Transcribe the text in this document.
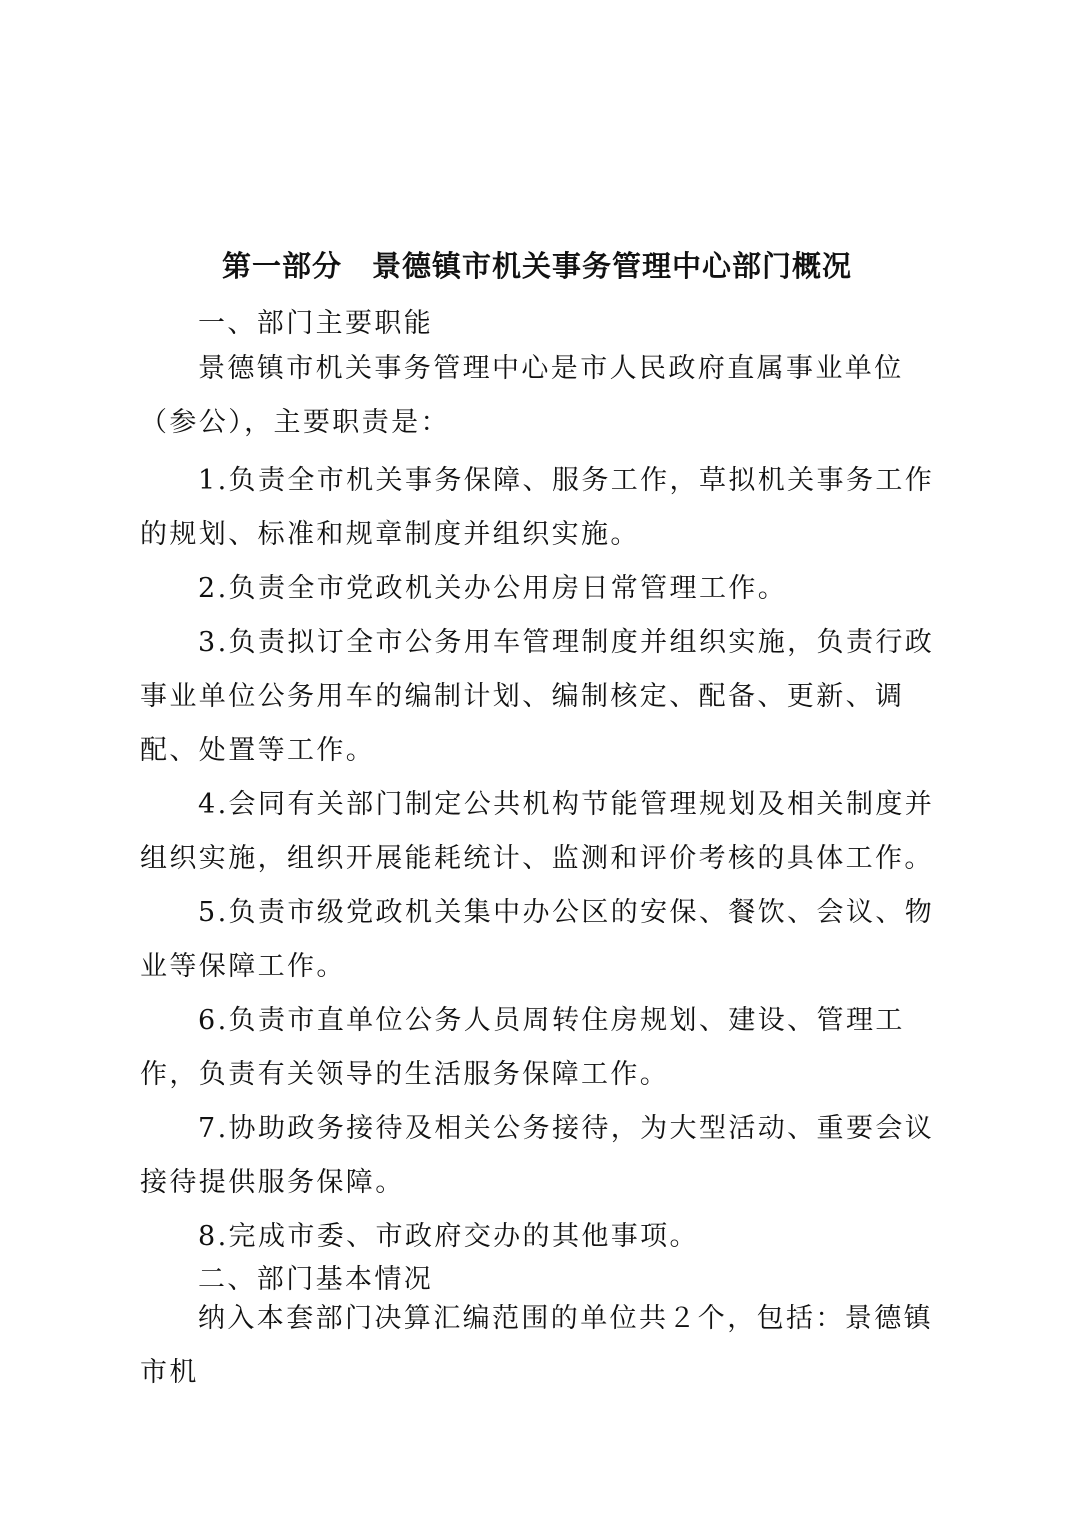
第一部分　景德镇市机关事务管理中心部门概况

一、部门主要职能

景德镇市机关事务管理中心是市人民政府直属事业单位（参公），主要职责是：

1.负责全市机关事务保障、服务工作，草拟机关事务工作的规划、标准和规章制度并组织实施。

2.负责全市党政机关办公用房日常管理工作。

3.负责拟订全市公务用车管理制度并组织实施，负责行政事业单位公务用车的编制计划、编制核定、配备、更新、调配、处置等工作。

4.会同有关部门制定公共机构节能管理规划及相关制度并组织实施，组织开展能耗统计、监测和评价考核的具体工作。

5.负责市级党政机关集中办公区的安保、餐饮、会议、物业等保障工作。

6.负责市直单位公务人员周转住房规划、建设、管理工作，负责有关领导的生活服务保障工作。

7.协助政务接待及相关公务接待，为大型活动、重要会议接待提供服务保障。

8.完成市委、市政府交办的其他事项。

二、部门基本情况

纳入本套部门决算汇编范围的单位共２个，包括：景德镇市机
